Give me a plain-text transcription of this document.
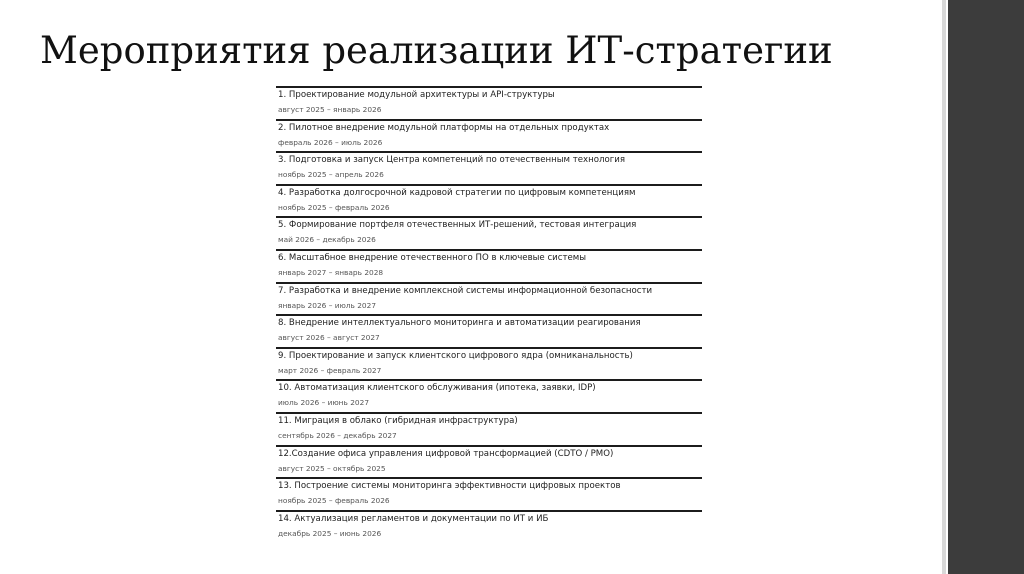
Мероприятия реализации ИТ-стратегии
1. Проектирование модульной архитектуры и API-структуры
август 2025 – январь 2026
2. Пилотное внедрение модульной платформы на отдельных продуктах
февраль 2026 – июль 2026
3. Подготовка и запуск Центра компетенций по отечественным технология
ноябрь 2025 – апрель 2026
4. Разработка долгосрочной кадровой стратегии по цифровым компетенциям
ноябрь 2025 – февраль 2026
5. Формирование портфеля отечественных ИТ-решений, тестовая интеграция
май 2026 – декабрь 2026
6. Масштабное внедрение отечественного ПО в ключевые системы
январь 2027 – январь 2028
7. Разработка и внедрение комплексной системы информационной безопасности
январь 2026 – июль 2027
8. Внедрение интеллектуального мониторинга и автоматизации реагирования
август 2026 – август 2027
9. Проектирование и запуск клиентского цифрового ядра (омниканальность)
март 2026 – февраль 2027
10. Автоматизация клиентского обслуживания (ипотека, заявки, IDP)
июль 2026 – июнь 2027
11. Миграция в облако (гибридная инфраструктура)
сентябрь 2026 – декабрь 2027
12.Создание офиса управления цифровой трансформацией (CDTO / PMO)
август 2025 – октябрь 2025
13. Построение системы мониторинга эффективности цифровых проектов
ноябрь 2025 – февраль 2026
14. Актуализация регламентов и документации по ИТ и ИБ
декабрь 2025 – июнь 2026
